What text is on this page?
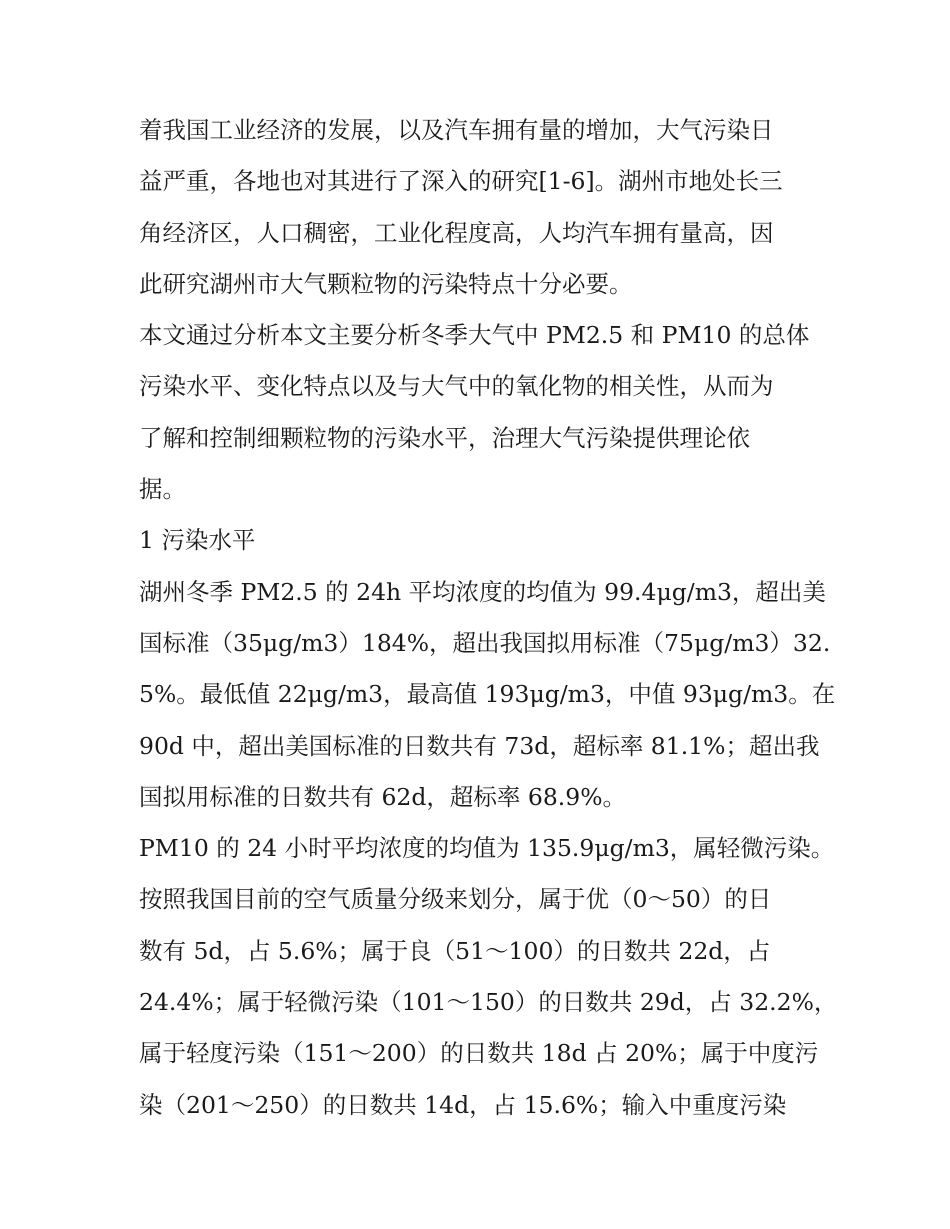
着我国工业经济的发展，以及汽车拥有量的增加，大气污染日
益严重，各地也对其进行了深入的研究[1-6]。湖州市地处长三
角经济区，人口稠密，工业化程度高，人均汽车拥有量高，因
此研究湖州市大气颗粒物的污染特点十分必要。
本文通过分析本文主要分析冬季大气中 PM2.5 和 PM10 的总体
污染水平、变化特点以及与大气中的氧化物的相关性，从而为
了解和控制细颗粒物的污染水平，治理大气污染提供理论依
据。
1 污染水平
湖州冬季 PM2.5 的 24h 平均浓度的均值为 99.4μg/m3，超出美
国标准（35μg/m3）184%，超出我国拟用标准（75μg/m3）32.
5%。最低值 22μg/m3，最高值 193μg/m3，中值 93μg/m3。在
90d 中，超出美国标准的日数共有 73d，超标率 81.1%；超出我
国拟用标准的日数共有 62d，超标率 68.9%。
PM10 的 24 小时平均浓度的均值为 135.9μg/m3，属轻微污染。
按照我国目前的空气质量分级来划分，属于优（0～50）的日
数有 5d，占 5.6%；属于良（51～100）的日数共 22d，占
24.4%；属于轻微污染（101～150）的日数共 29d，占 32.2%，
属于轻度污染（151～200）的日数共 18d 占 20%；属于中度污
染（201～250）的日数共 14d，占 15.6%；输入中重度污染
